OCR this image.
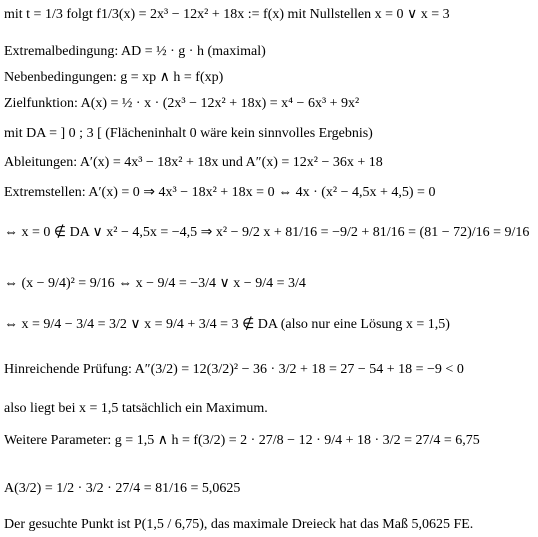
mit t = 1/3 folgt f1/3(x) = 2x³ − 12x² + 18x := f(x) mit Nullstellen x = 0 ∨ x = 3
Extremalbedingung: AD = ½ · g · h (maximal)
Nebenbedingungen: g = xp ∧ h = f(xp)
Zielfunktion: A(x) = ½ · x · (2x³ − 12x² + 18x) = x⁴ − 6x³ + 9x²
mit DA = ] 0 ; 3 [ (Flächeninhalt 0 wäre kein sinnvolles Ergebnis)
Ableitungen: A′(x) = 4x³ − 18x² + 18x und A″(x) = 12x² − 36x + 18
Extremstellen: A′(x) = 0 ⇒ 4x³ − 18x² + 18x = 0 ⇔ 4x · (x² − 4,5x + 4,5) = 0
⇔ x = 0 ∉ DA ∨ x² − 4,5x = −4,5 ⇒ x² − 9/2 x + 81/16 = −9/2 + 81/16 = (81 − 72)/16 = 9/16
⇔ (x − 9/4)² = 9/16 ⇔ x − 9/4 = −3/4 ∨ x − 9/4 = 3/4
⇔ x = 9/4 − 3/4 = 3/2 ∨ x = 9/4 + 3/4 = 3 ∉ DA (also nur eine Lösung x = 1,5)
Hinreichende Prüfung: A″(3/2) = 12(3/2)² − 36 · 3/2 + 18 = 27 − 54 + 18 = −9 < 0
also liegt bei x = 1,5 tatsächlich ein Maximum.
Weitere Parameter: g = 1,5 ∧ h = f(3/2) = 2 · 27/8 − 12 · 9/4 + 18 · 3/2 = 27/4 = 6,75
A(3/2) = 1/2 · 3/2 · 27/4 = 81/16 = 5,0625
Der gesuchte Punkt ist P(1,5 / 6,75), das maximale Dreieck hat das Maß 5,0625 FE.
